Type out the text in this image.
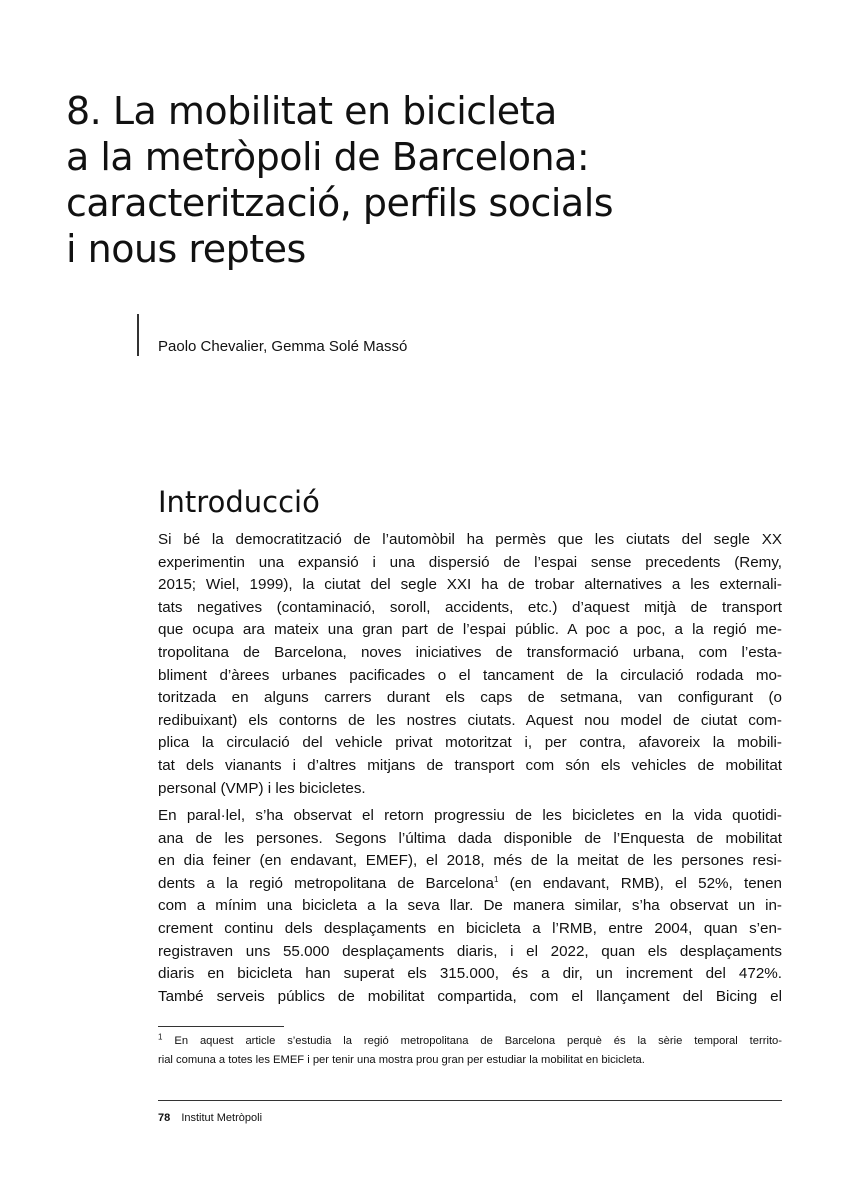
8. La mobilitat en bicicleta
a la metròpoli de Barcelona:
caracterització, perfils socials
i nous reptes

Paolo Chevalier, Gemma Solé Massó

Introducció
Si bé la democratització de l’automòbil ha permès que les ciutats del segle XX
experimentin una expansió i una dispersió de l’espai sense precedents (Remy,
2015; Wiel, 1999), la ciutat del segle XXI ha de trobar alternatives a les externali-
tats negatives (contaminació, soroll, accidents, etc.) d’aquest mitjà de transport
que ocupa ara mateix una gran part de l’espai públic. A poc a poc, a la regió me-
tropolitana de Barcelona, noves iniciatives de transformació urbana, com l’esta-
bliment d’àrees urbanes pacificades o el tancament de la circulació rodada mo-
toritzada en alguns carrers durant els caps de setmana, van configurant (o
redibuixant) els contorns de les nostres ciutats. Aquest nou model de ciutat com-
plica la circulació del vehicle privat motoritzat i, per contra, afavoreix la mobili-
tat dels vianants i d’altres mitjans de transport com són els vehicles de mobilitat
personal (VMP) i les bicicletes.
En paral·lel, s’ha observat el retorn progressiu de les bicicletes en la vida quotidi-
ana de les persones. Segons l’última dada disponible de l’Enquesta de mobilitat
en dia feiner (en endavant, EMEF), el 2018, més de la meitat de les persones resi-
dents a la regió metropolitana de Barcelona$^1$ (en endavant, RMB), el 52%, tenen
com a mínim una bicicleta a la seva llar. De manera similar, s’ha observat un in-
crement continu dels desplaçaments en bicicleta a l’RMB, entre 2004, quan s’en-
registraven uns 55.000 desplaçaments diaris, i el 2022, quan els desplaçaments
diaris en bicicleta han superat els 315.000, és a dir, un increment del 472%.
També serveis públics de mobilitat compartida, com el llançament del Bicing el
$^1$ En aquest article s’estudia la regió metropolitana de Barcelona perquè és la sèrie temporal territo-
rial comuna a totes les EMEF i per tenir una mostra prou gran per estudiar la mobilitat en bicicleta.
78 Institut Metròpoli
